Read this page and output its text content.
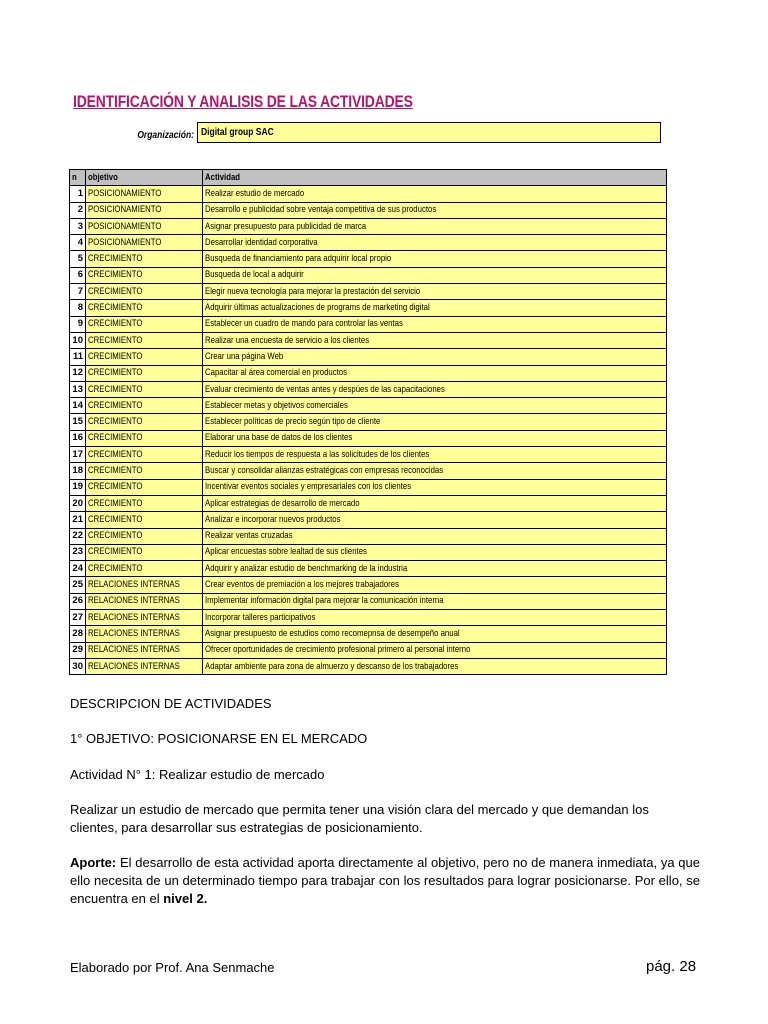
IDENTIFICACIÓN Y ANALISIS DE LAS ACTIVIDADES
Organización: Digital group SAC
n	objetivo	Actividad
1	POSICIONAMIENTO	Realizar estudio de mercado
2	POSICIONAMIENTO	Desarrollo e publicidad sobre ventaja competitiva de sus productos
3	POSICIONAMIENTO	Asignar presupuesto para publicidad de marca
4	POSICIONAMIENTO	Desarrollar identidad corporativa
5	CRECIMIENTO	Busqueda de financiamiento para adquirir local propio
6	CRECIMIENTO	Busqueda de local a adquirir
7	CRECIMIENTO	Elegir nueva tecnología para mejorar la prestación del servicio
8	CRECIMIENTO	Adquirir últimas actualizaciones de programs de marketing digital
9	CRECIMIENTO	Establecer un cuadro de mando para controlar las ventas
10	CRECIMIENTO	Realizar una encuesta de servicio a los clientes
11	CRECIMIENTO	Crear una página Web
12	CRECIMIENTO	Capacitar al área comercial en productos
13	CRECIMIENTO	Evaluar crecimiento de ventas antes y despúes de las capacitaciones
14	CRECIMIENTO	Establecer metas y objetivos comerciales
15	CRECIMIENTO	Establecer políticas de precio según tipo de cliente
16	CRECIMIENTO	Elaborar una base de datos de los clientes
17	CRECIMIENTO	Reducir los tiempos de respuesta a las solicitudes de los clientes
18	CRECIMIENTO	Buscar y consolidar alianzas estratégicas con empresas reconocidas
19	CRECIMIENTO	Incentivar eventos sociales y empresariales con los clientes
20	CRECIMIENTO	Aplicar estrategias de desarrollo de mercado
21	CRECIMIENTO	Analizar e incorporar nuevos productos
22	CRECIMIENTO	Realizar ventas cruzadas
23	CRECIMIENTO	Aplicar encuestas sobre lealtad de sus clientes
24	CRECIMIENTO	Adquirir y analizar estudio de benchmarking de la industria
25	RELACIONES INTERNAS	Crear eventos de premiación a los mejores trabajadores
26	RELACIONES INTERNAS	Implementar información digital para mejorar la comunicación interna
27	RELACIONES INTERNAS	Incorporar talleres participativos
28	RELACIONES INTERNAS	Asignar presupuesto de estudios como recomepnsa de desempeño anual
29	RELACIONES INTERNAS	Ofrecer oportunidades de crecimiento profesional primero al personal interno
30	RELACIONES INTERNAS	Adaptar ambiente para zona de almuerzo y descanso de los trabajadores
DESCRIPCION DE ACTIVIDADES
1° OBJETIVO: POSICIONARSE EN EL MERCADO
Actividad N° 1: Realizar estudio de mercado
Realizar un estudio de mercado que permita tener una visión clara del mercado y que demandan los clientes, para desarrollar sus estrategias de posicionamiento.
Aporte: El desarrollo de esta actividad aporta directamente al objetivo, pero no de manera inmediata, ya que ello necesita de un determinado tiempo para trabajar con los resultados para lograr posicionarse. Por ello, se encuentra en el nivel 2.
Elaborado por Prof. Ana Senmache	pág. 28
